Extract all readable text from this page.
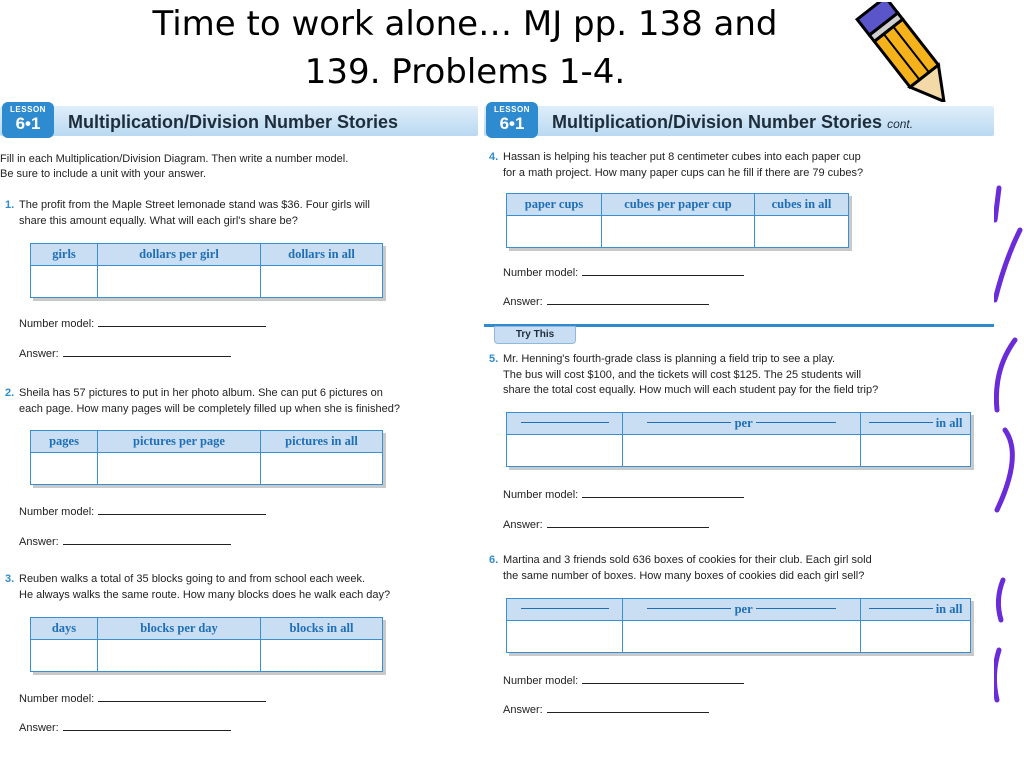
Time to work alone… MJ pp. 138 and
139. Problems 1-4.
LESSON
6•1	Multiplication/Division Number Stories
Fill in each Multiplication/Division Diagram. Then write a number model.
Be sure to include a unit with your answer.
1. The profit from the Maple Street lemonade stand was $36. Four girls will
share this amount equally. What will each girl's share be?
girls	dollars per girl	dollars in all

Number model:
Answer:
2. Sheila has 57 pictures to put in her photo album. She can put 6 pictures on
each page. How many pages will be completely filled up when she is finished?
pages	pictures per page	pictures in all

Number model:
Answer:
3. Reuben walks a total of 35 blocks going to and from school each week.
He always walks the same route. How many blocks does he walk each day?
days	blocks per day	blocks in all

Number model:
Answer:
LESSON
6•1	Multiplication/Division Number Stories cont.
4. Hassan is helping his teacher put 8 centimeter cubes into each paper cup
for a math project. How many paper cups can he fill if there are 79 cubes?
paper cups	cubes per paper cup	cubes in all

Number model:
Answer:
Try This
5. Mr. Henning's fourth-grade class is planning a field trip to see a play.
The bus will cost $100, and the tickets will cost $125. The 25 students will
share the total cost equally. How much will each student pay for the field trip?
	per	in all

Number model:
Answer:
6. Martina and 3 friends sold 636 boxes of cookies for their club. Each girl sold
the same number of boxes. How many boxes of cookies did each girl sell?
	per	in all

Number model:
Answer:
